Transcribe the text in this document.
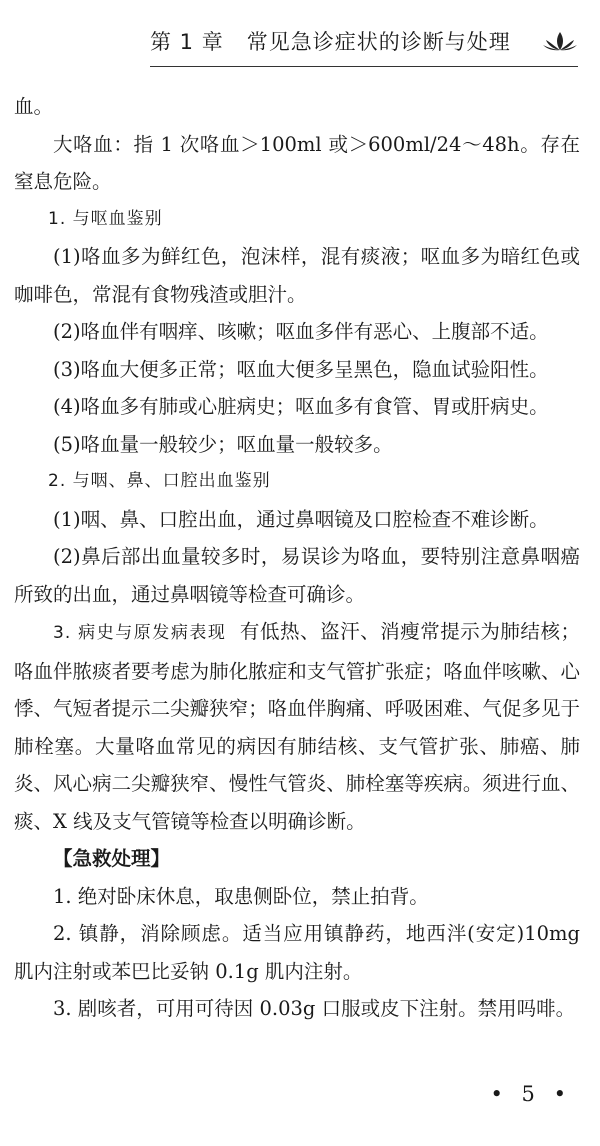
第 1 章 常见急诊症状的诊断与处理

血。

大咯血：指 1 次咯血＞100ml 或＞600ml/24～48h。存在窒息危险。

1. 与呕血鉴别

(1)咯血多为鲜红色，泡沫样，混有痰液；呕血多为暗红色或咖啡色，常混有食物残渣或胆汁。

(2)咯血伴有咽痒、咳嗽；呕血多伴有恶心、上腹部不适。

(3)咯血大便多正常；呕血大便多呈黑色，隐血试验阳性。

(4)咯血多有肺或心脏病史；呕血多有食管、胃或肝病史。

(5)咯血量一般较少；呕血量一般较多。

2. 与咽、鼻、口腔出血鉴别

(1)咽、鼻、口腔出血，通过鼻咽镜及口腔检查不难诊断。

(2)鼻后部出血量较多时，易误诊为咯血，要特别注意鼻咽癌所致的出血，通过鼻咽镜等检查可确诊。

3. 病史与原发病表现 有低热、盗汗、消瘦常提示为肺结核；咯血伴脓痰者要考虑为肺化脓症和支气管扩张症；咯血伴咳嗽、心悸、气短者提示二尖瓣狭窄；咯血伴胸痛、呼吸困难、气促多见于肺栓塞。大量咯血常见的病因有肺结核、支气管扩张、肺癌、肺炎、风心病二尖瓣狭窄、慢性气管炎、肺栓塞等疾病。须进行血、痰、X 线及支气管镜等检查以明确诊断。

【急救处理】

1. 绝对卧床休息，取患侧卧位，禁止拍背。

2. 镇静，消除顾虑。适当应用镇静药，地西泮(安定)10mg 肌内注射或苯巴比妥钠 0.1g 肌内注射。

3. 剧咳者，可用可待因 0.03g 口服或皮下注射。禁用吗啡。

• 5 •
